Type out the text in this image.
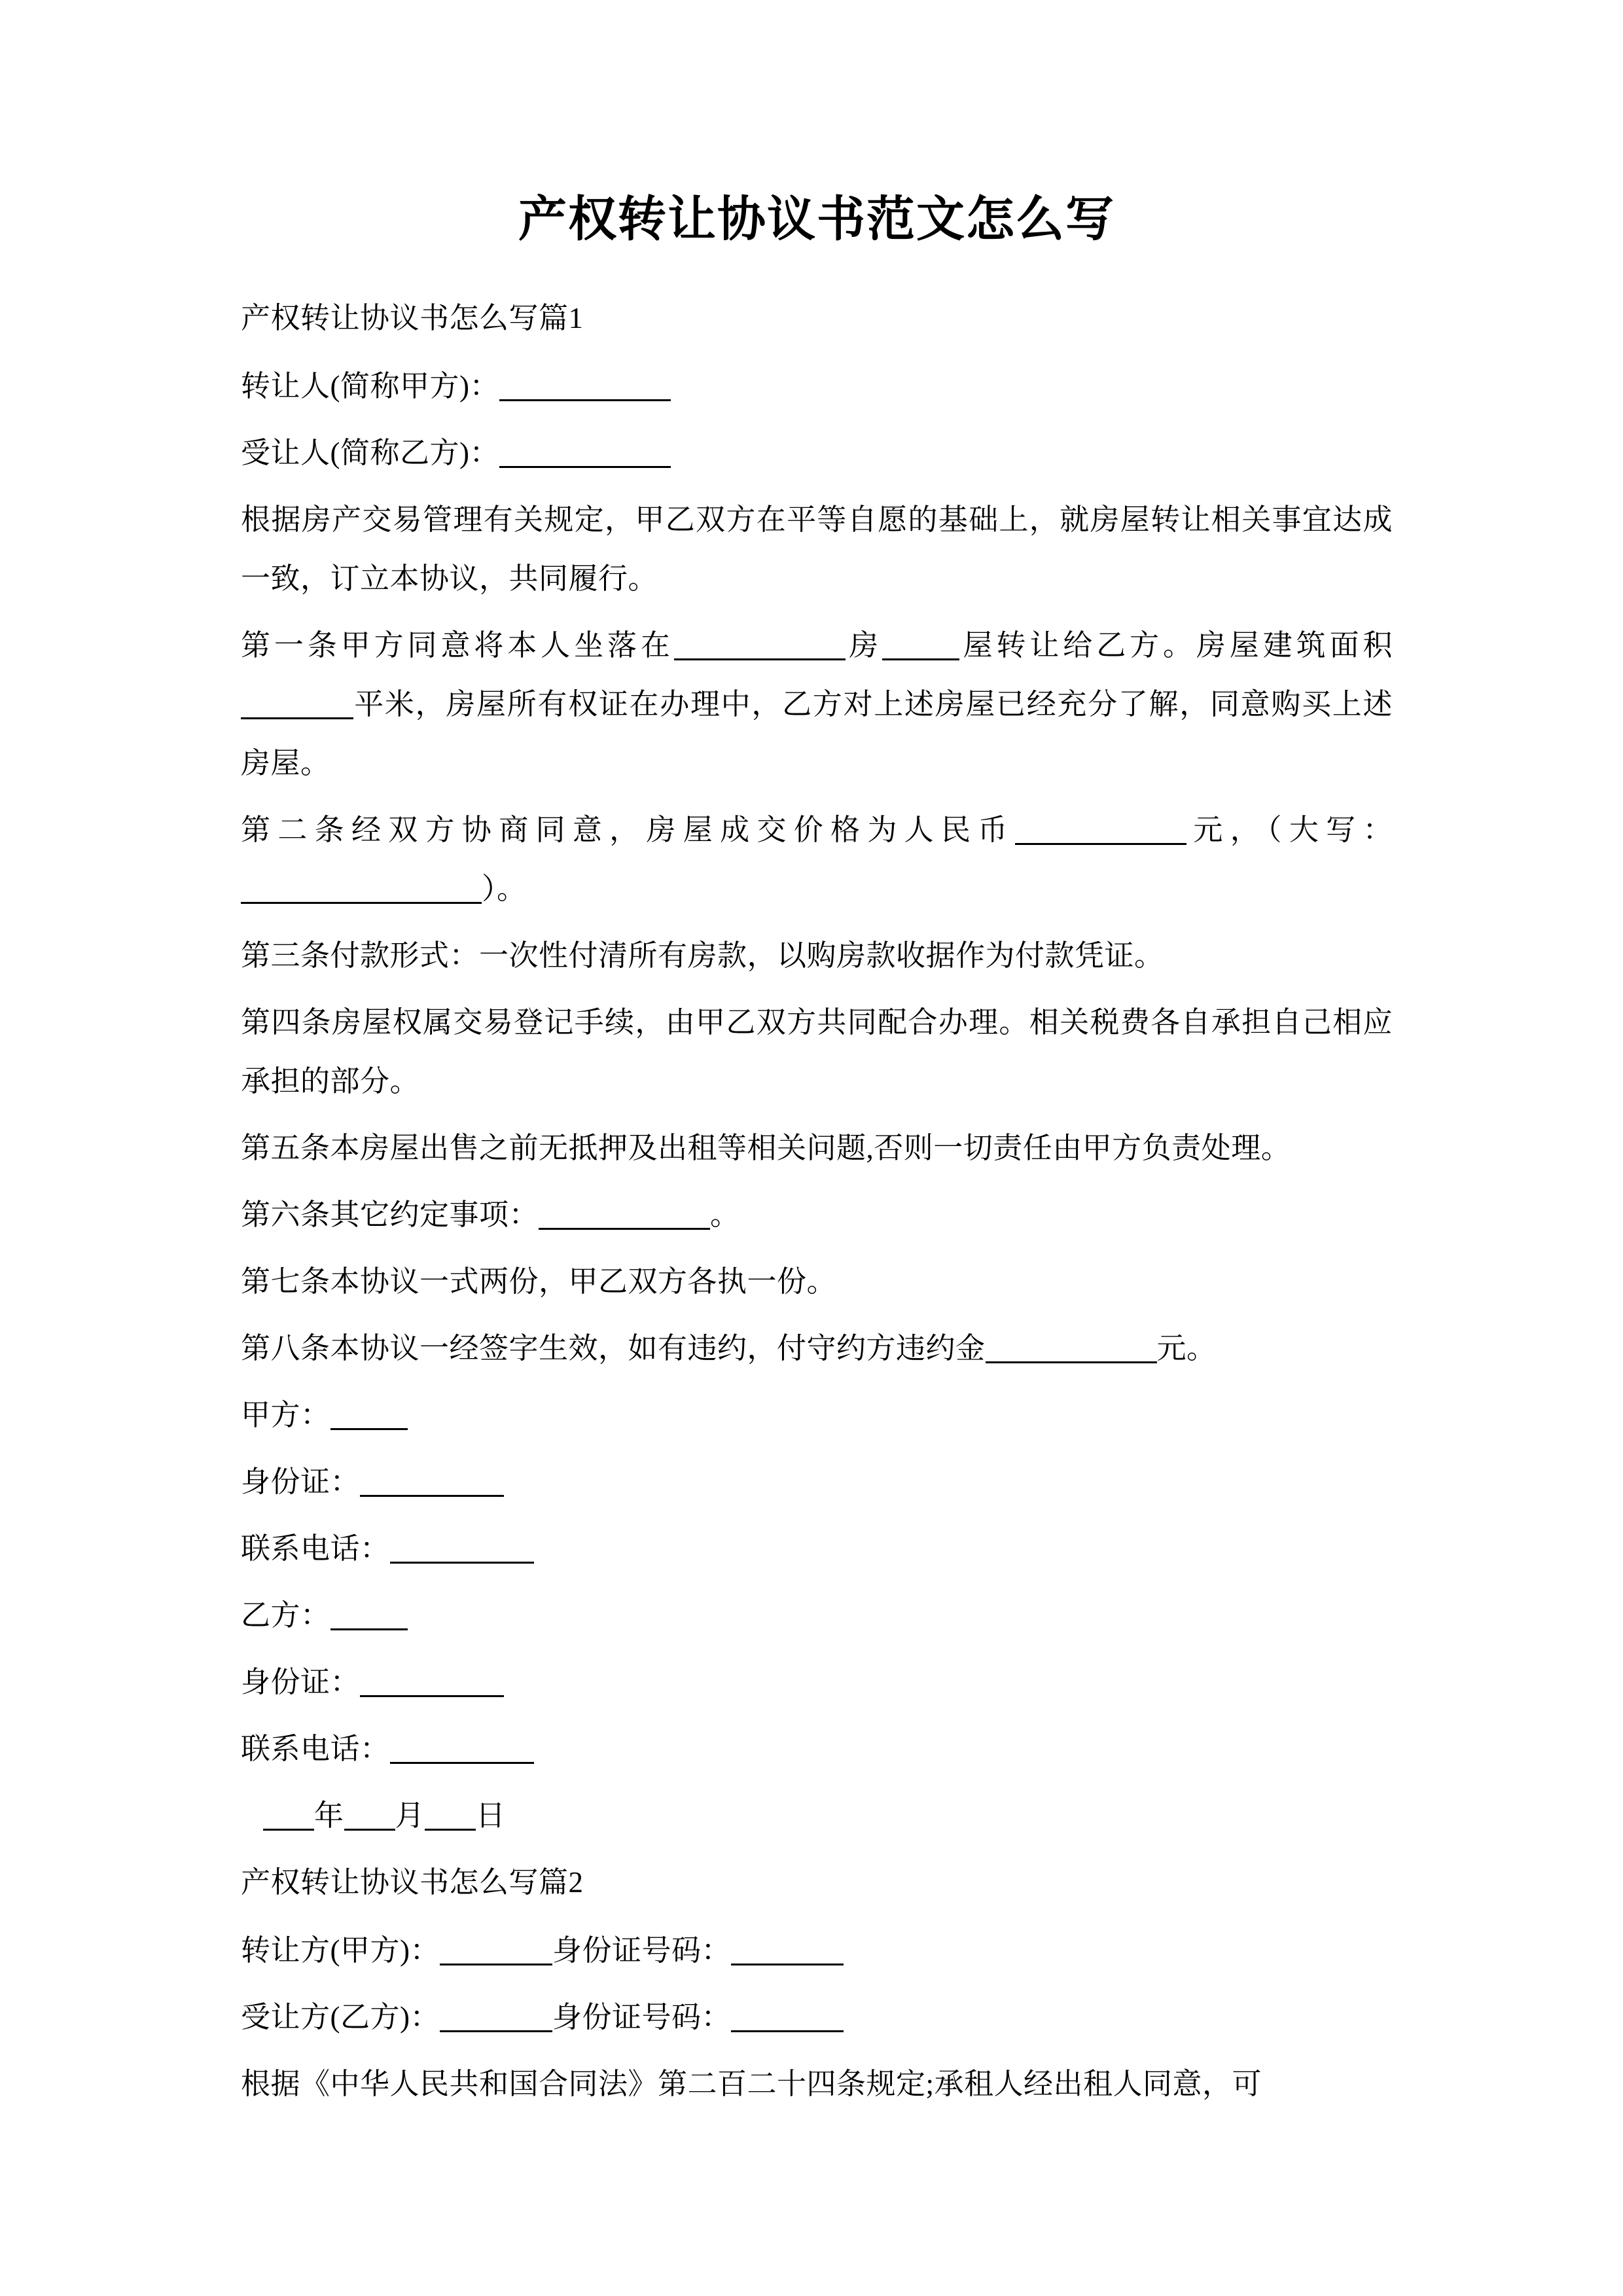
产权转让协议书范文怎么写

产权转让协议书怎么写篇1

转让人(简称甲方)：

受让人(简称乙方)：

根据房产交易管理有关规定，甲乙双方在平等自愿的基础上，就房屋转让相关事宜达成一致，订立本协议，共同履行。

第一条甲方同意将本人坐落在	房	屋转让给乙方。房屋建筑面积平米，房屋所有权证在办理中，乙方对上述房屋已经充分了解，同意购买上述房屋。

第二条经双方协商同意，房屋成交价格为人民币	元，（大写：）。

第三条付款形式：一次性付清所有房款，以购房款收据作为付款凭证。

第四条房屋权属交易登记手续，由甲乙双方共同配合办理。相关税费各自承担自己相应承担的部分。

第五条本房屋出售之前无抵押及出租等相关问题,否则一切责任由甲方负责处理。

第六条其它约定事项：	。

第七条本协议一式两份，甲乙双方各执一份。

第八条本协议一经签字生效，如有违约，付守约方违约金	元。

甲方：

身份证：

联系电话：

乙方：

身份证：

联系电话：

年 月 日

产权转让协议书怎么写篇2

转让方(甲方)：	身份证号码：

受让方(乙方)：	身份证号码：

根据《中华人民共和国合同法》第二百二十四条规定;承租人经出租人同意，可
